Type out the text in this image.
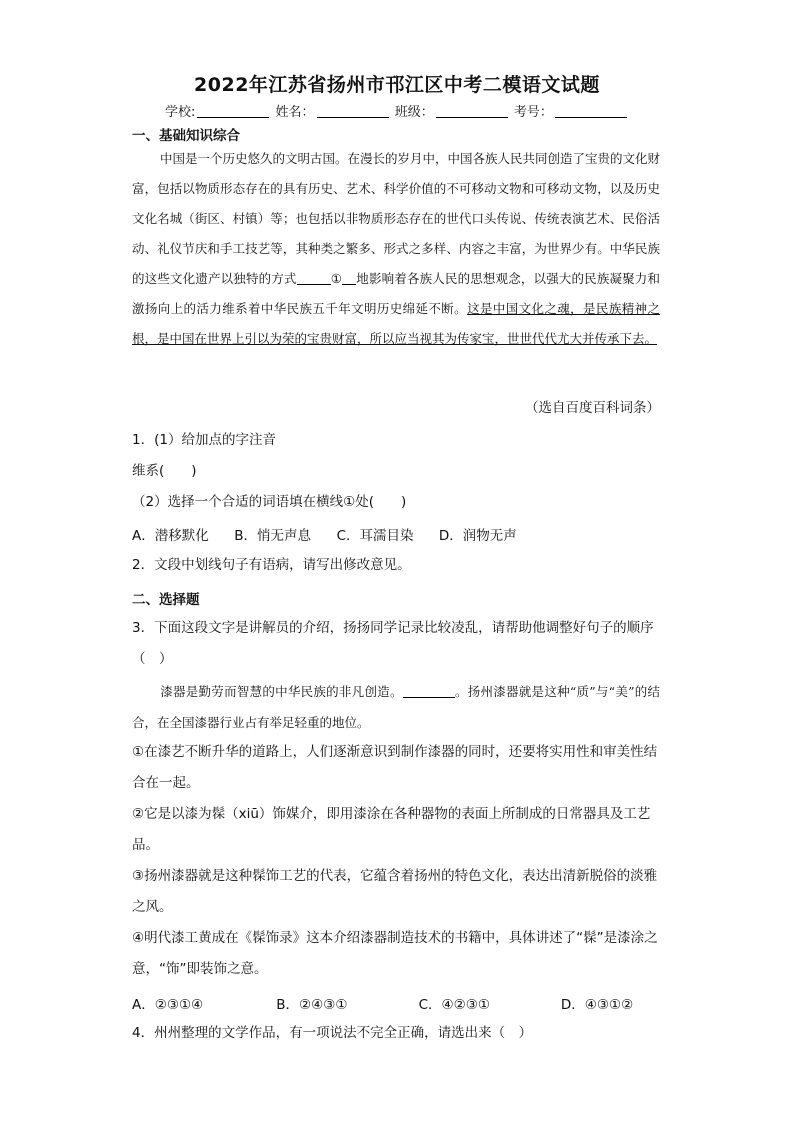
2022年江苏省扬州市邗江区中考二模语文试题
学校:	姓名：	班级：	考号：
一、基础知识综合
中国是一个历史悠久的文明古国。在漫长的岁月中，中国各族人民共同创造了宝贵的文化财富，包括以物质形态存在的具有历史、艺术、科学价值的不可移动文物和可移动文物，以及历史文化名城（街区、村镇）等；也包括以非物质形态存在的世代口头传说、传统表演艺术、民俗活动、礼仪节庆和手工技艺等，其种类之繁多、形式之多样、内容之丰富，为世界少有。中华民族的这些文化遗产以独特的方式	① 地影响着各族人民的思想观念，以强大的民族凝聚力和激扬向上的活力维系着中华民族五千年文明历史绵延不断。这是中国文化之魂，是民族精神之根，是中国在世界上引以为荣的宝贵财富，所以应当视其为传家宝，世世代代尤大并传承下去。
（选自百度百科词条）
1．(1）给加点的字注音
维系(　　)
（2）选择一个合适的词语填在横线①处(　　)
A．潜移默化 B．悄无声息 C．耳濡目染 D．润物无声
2．文段中划线句子有语病，请写出修改意见。
二、选择题
3．下面这段文字是讲解员的介绍，扬扬同学记录比较凌乱，请帮助他调整好句子的顺序（　）
漆器是勤劳而智慧的中华民族的非凡创造。	。扬州漆器就是这种“质”与“美”的结合，在全国漆器行业占有举足轻重的地位。
①在漆艺不断升华的道路上，人们逐渐意识到制作漆器的同时，还要将实用性和审美性结合在一起。
②它是以漆为髹（xiū）饰媒介，即用漆涂在各种器物的表面上所制成的日常器具及工艺品。
③扬州漆器就是这种髹饰工艺的代表，它蕴含着扬州的特色文化，表达出清新脱俗的淡雅之风。
④明代漆工黄成在《髹饰录》这本介绍漆器制造技术的书籍中，具体讲述了“髹”是漆涂之意，“饰”即装饰之意。
A．②③①④	B．②④③①	C．④②③①	D．④③①②
4．州州整理的文学作品，有一项说法不完全正确，请选出来（　）
